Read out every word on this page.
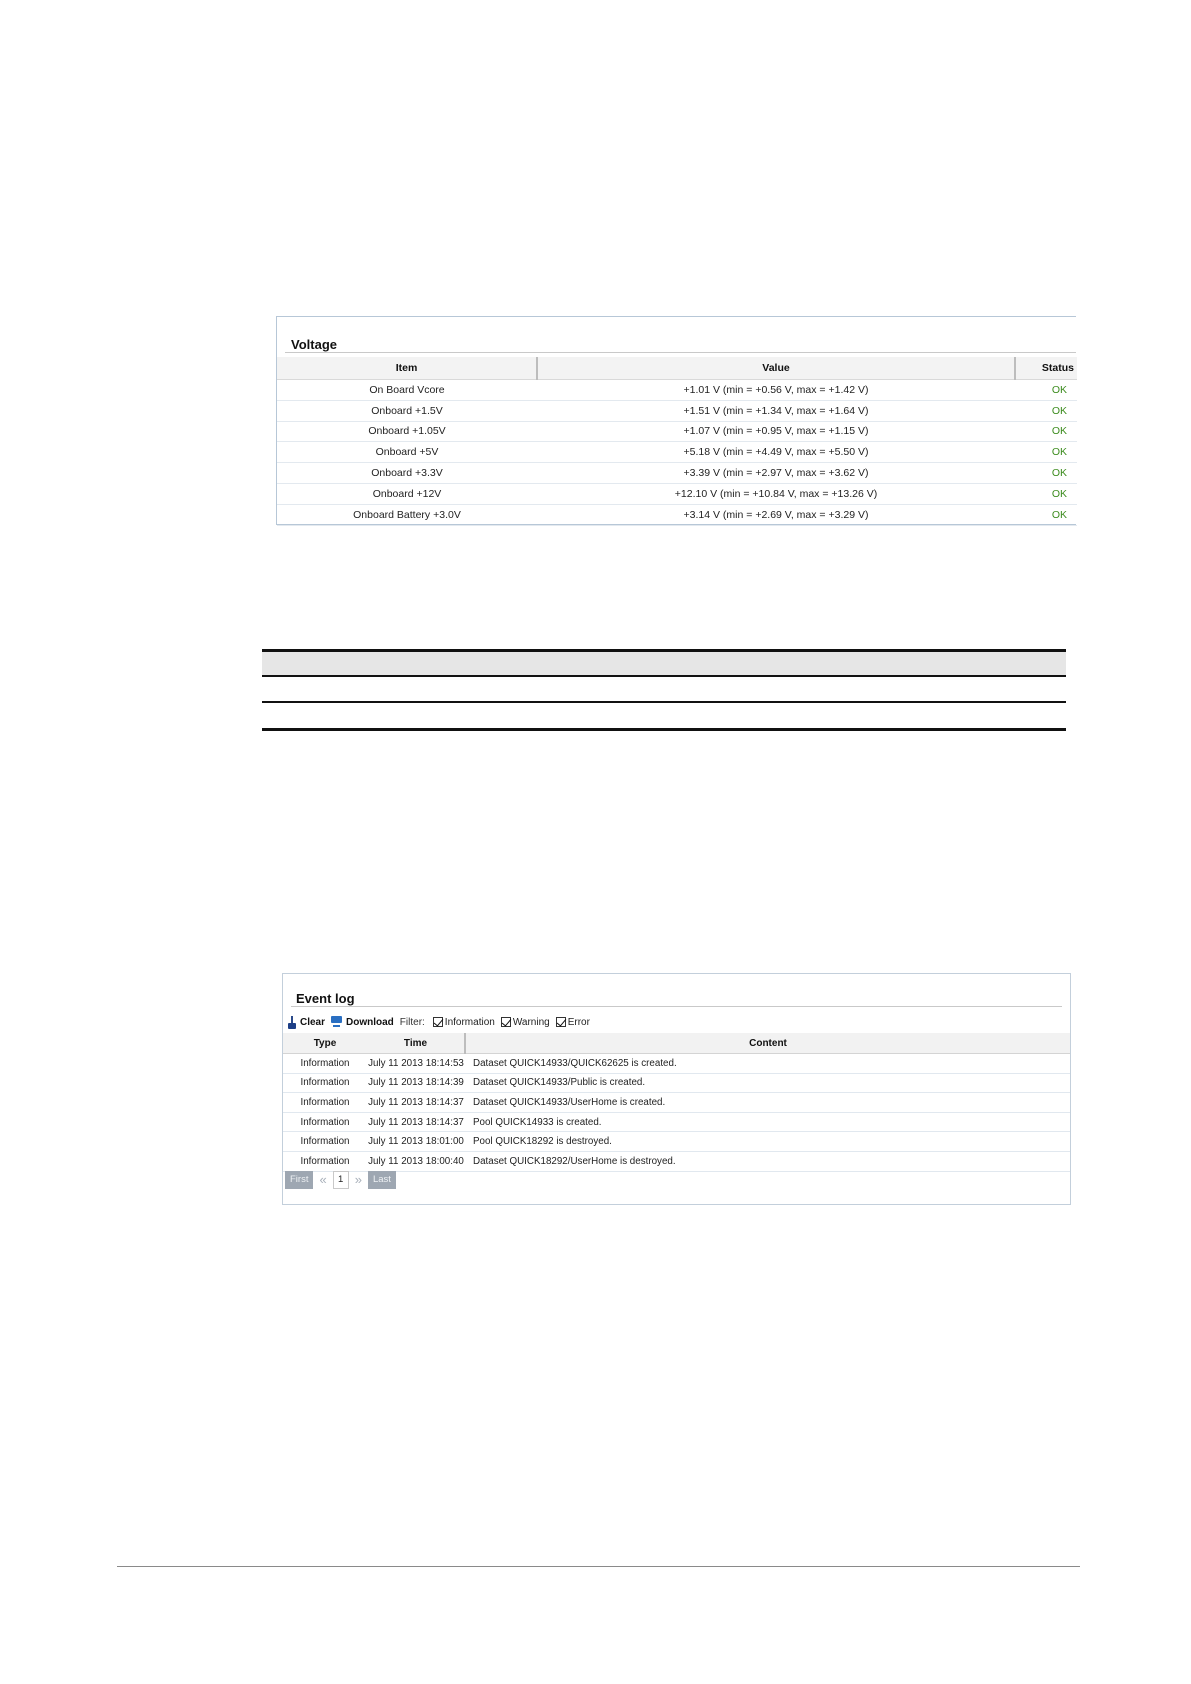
Voltage
Item	Value	Status
On Board Vcore	+1.01 V (min = +0.56 V, max = +1.42 V)	OK
Onboard +1.5V	+1.51 V (min = +1.34 V, max = +1.64 V)	OK
Onboard +1.05V	+1.07 V (min = +0.95 V, max = +1.15 V)	OK
Onboard +5V	+5.18 V (min = +4.49 V, max = +5.50 V)	OK
Onboard +3.3V	+3.39 V (min = +2.97 V, max = +3.62 V)	OK
Onboard +12V	+12.10 V (min = +10.84 V, max = +13.26 V)	OK
Onboard Battery +3.0V	+3.14 V (min = +2.69 V, max = +3.29 V)	OK
Event log
Clear Download Filter: Information Warning Error
Type	Time	Content
Information	July 11 2013 18:14:53	Dataset QUICK14933/QUICK62625 is created.
Information	July 11 2013 18:14:39	Dataset QUICK14933/Public is created.
Information	July 11 2013 18:14:37	Dataset QUICK14933/UserHome is created.
Information	July 11 2013 18:14:37	Pool QUICK14933 is created.
Information	July 11 2013 18:01:00	Pool QUICK18292 is destroyed.
Information	July 11 2013 18:00:40	Dataset QUICK18292/UserHome is destroyed.
First «	1 »	Last
